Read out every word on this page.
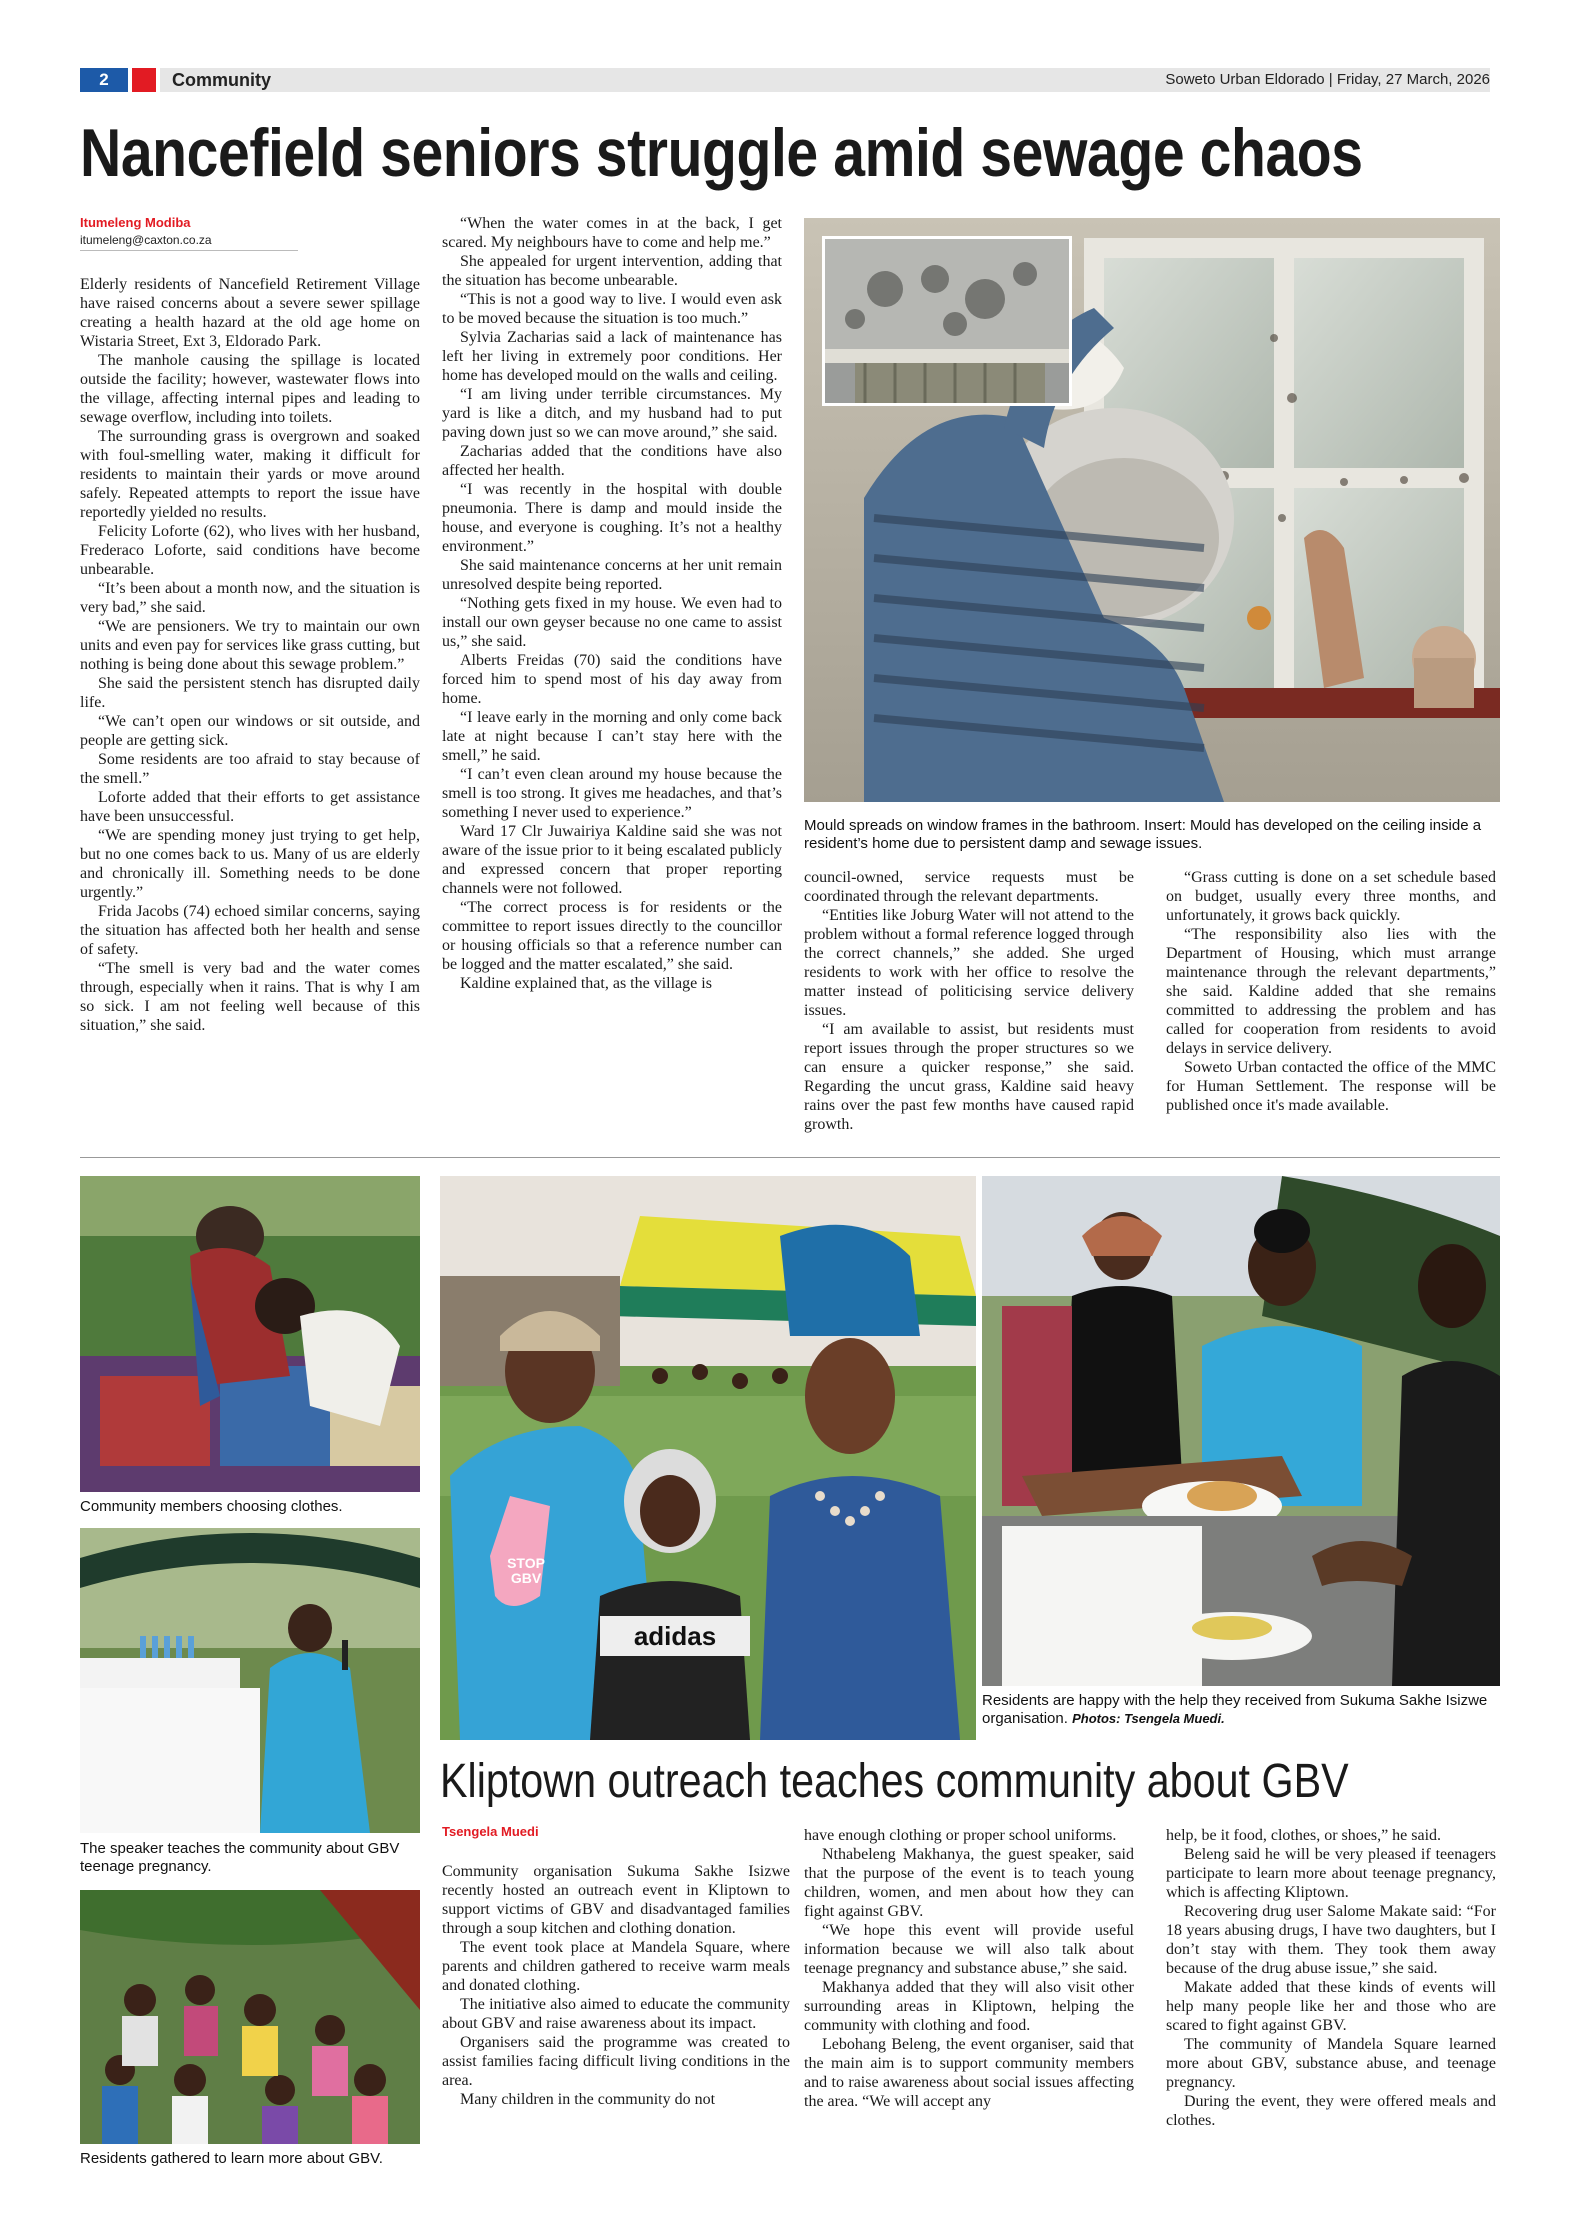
2	Community	Soweto Urban Eldorado | Friday, 27 March, 2026
Nancefield seniors struggle amid sewage chaos
Itumeleng Modiba
itumeleng@caxton.co.za

Elderly residents of Nancefield Retirement Village have raised concerns about a severe sewer spillage creating a health hazard at the old age home on Wistaria Street, Ext 3, Eldorado Park.

The manhole causing the spillage is located outside the facility; however, wastewater flows into the village, affecting internal pipes and leading to sewage overflow, including into toilets.

The surrounding grass is overgrown and soaked with foul-smelling water, making it difficult for residents to maintain their yards or move around safely. Repeated attempts to report the issue have reportedly yielded no results.

Felicity Loforte (62), who lives with her husband, Frederaco Loforte, said conditions have become unbearable.

“It’s been about a month now, and the situation is very bad,” she said.

“We are pensioners. We try to maintain our own units and even pay for services like grass cutting, but nothing is being done about this sewage problem.”

She said the persistent stench has disrupted daily life.

“We can’t open our windows or sit outside, and people are getting sick.

Some residents are too afraid to stay because of the smell.”

Loforte added that their efforts to get assistance have been unsuccessful.

“We are spending money just trying to get help, but no one comes back to us. Many of us are elderly and chronically ill. Something needs to be done urgently.”

Frida Jacobs (74) echoed similar concerns, saying the situation has affected both her health and sense of safety.

“The smell is very bad and the water comes through, especially when it rains. That is why I am so sick. I am not feeling well because of this situation,” she said.

“When the water comes in at the back, I get scared. My neighbours have to come and help me.”

She appealed for urgent intervention, adding that the situation has become unbearable.

“This is not a good way to live. I would even ask to be moved because the situation is too much.”

Sylvia Zacharias said a lack of maintenance has left her living in extremely poor conditions. Her home has developed mould on the walls and ceiling.

“I am living under terrible circumstances. My yard is like a ditch, and my husband had to put paving down just so we can move around,” she said.

Zacharias added that the conditions have also affected her health.

“I was recently in the hospital with double pneumonia. There is damp and mould inside the house, and everyone is coughing. It’s not a healthy environment.”

She said maintenance concerns at her unit remain unresolved despite being reported.

“Nothing gets fixed in my house. We even had to install our own geyser because no one came to assist us,” she said.

Alberts Freidas (70) said the conditions have forced him to spend most of his day away from home.

“I leave early in the morning and only come back late at night because I can’t stay here with the smell,” he said.

“I can’t even clean around my house because the smell is too strong. It gives me headaches, and that’s something I never used to experience.”

Ward 17 Clr Juwairiya Kaldine said she was not aware of the issue prior to it being escalated publicly and expressed concern that proper reporting channels were not followed.

“The correct process is for residents or the committee to report issues directly to the councillor or housing officials so that a reference number can be logged and the matter escalated,” she said.

Kaldine explained that, as the village is

council-owned, service requests must be coordinated through the relevant departments.

“Entities like Joburg Water will not attend to the problem without a formal reference logged through the correct channels,” she added. She urged residents to work with her office to resolve the matter instead of politicising service delivery issues.

“I am available to assist, but residents must report issues through the proper structures so we can ensure a quicker response,” she said. Regarding the uncut grass, Kaldine said heavy rains over the past few months have caused rapid growth.

“Grass cutting is done on a set schedule based on budget, usually every three months, and unfortunately, it grows back quickly.

“The responsibility also lies with the Department of Housing, which must arrange maintenance through the relevant departments,” she said. Kaldine added that she remains committed to addressing the problem and has called for cooperation from residents to avoid delays in service delivery.

Soweto Urban contacted the office of the MMC for Human Settlement. The response will be published once it's made available.

Mould spreads on window frames in the bathroom. Insert: Mould has developed on the ceiling inside a resident’s home due to persistent damp and sewage issues.
Community members choosing clothes.
The speaker teaches the community about GBV teenage pregnancy.
Residents gathered to learn more about GBV.
STOP GBV
adidas
Residents are happy with the help they received from Sukuma Sakhe Isizwe organisation. Photos: Tsengela Muedi.
Kliptown outreach teaches community about GBV
Tsengela Muedi

Community organisation Sukuma Sakhe Isizwe recently hosted an outreach event in Kliptown to support victims of GBV and disadvantaged families through a soup kitchen and clothing donation.

The event took place at Mandela Square, where parents and children gathered to receive warm meals and donated clothing.

The initiative also aimed to educate the community about GBV and raise awareness about its impact.

Organisers said the programme was created to assist families facing difficult living conditions in the area.

Many children in the community do not

have enough clothing or proper school uniforms.

Nthabeleng Makhanya, the guest speaker, said that the purpose of the event is to teach young children, women, and men about how they can fight against GBV.

“We hope this event will provide useful information because we will also talk about teenage pregnancy and substance abuse,” she said.

Makhanya added that they will also visit other surrounding areas in Kliptown, helping the community with clothing and food.

Lebohang Beleng, the event organiser, said that the main aim is to support community members and to raise awareness about social issues affecting the area. “We will accept any

help, be it food, clothes, or shoes,” he said.

Beleng said he will be very pleased if teenagers participate to learn more about teenage pregnancy, which is affecting Kliptown.

Recovering drug user Salome Makate said: “For 18 years abusing drugs, I have two daughters, but I don’t stay with them. They took them away because of the drug abuse issue,” she said.

Makate added that these kinds of events will help many people like her and those who are scared to fight against GBV.

The community of Mandela Square learned more about GBV, substance abuse, and teenage pregnancy.

During the event, they were offered meals and clothes.
